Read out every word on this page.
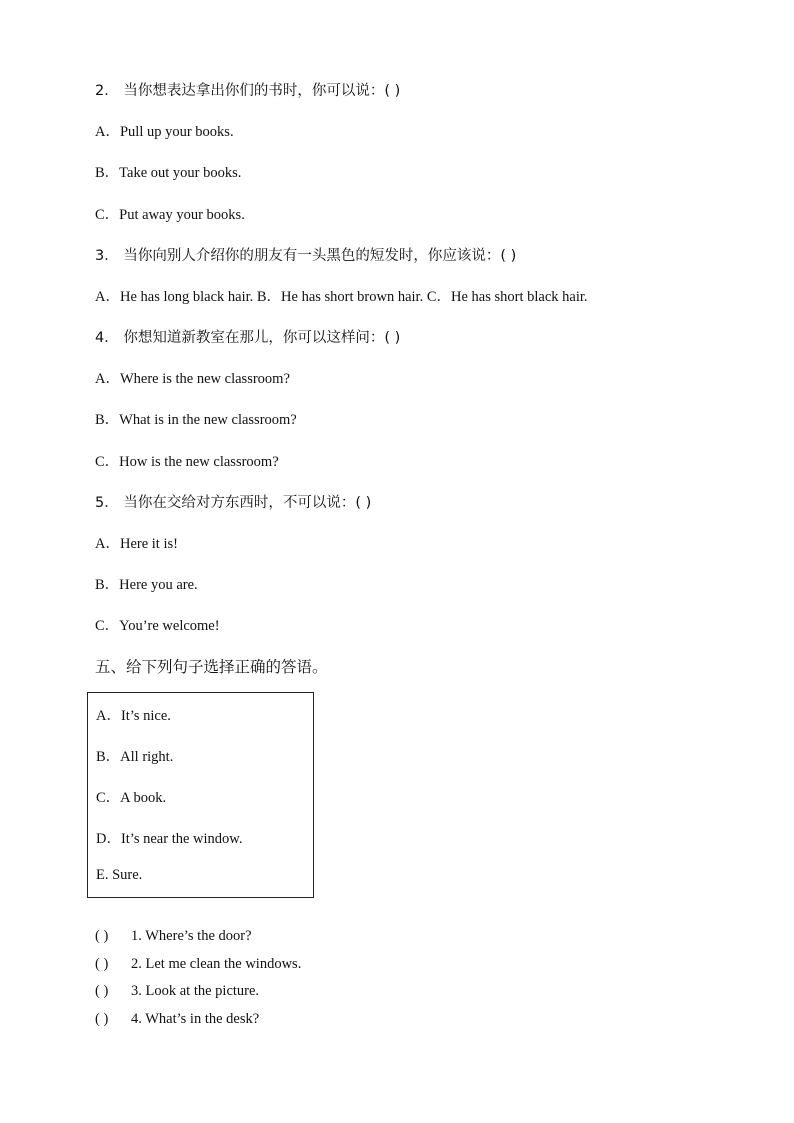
2． 当你想表达拿出你们的书时，你可以说：( )
A．Pull up your books.
B．Take out your books.
C．Put away your books.
3． 当你向别人介绍你的朋友有一头黑色的短发时，你应该说：( )
A．He has long black hair. B．He has short brown hair. C．He has short black hair.
4． 你想知道新教室在那儿，你可以这样问：( )
A．Where is the new classroom?
B．What is in the new classroom?
C．How is the new classroom?
5． 当你在交给对方东西时，不可以说：( )
A．Here it is!
B．Here you are.
C．You’re welcome!
五、给下列句子选择正确的答语。
A．It’s nice.
B．All right.
C．A book.
D．It’s near the window.
E. Sure.
( ) 1. Where’s the door?
( ) 2. Let me clean the windows.
( ) 3. Look at the picture.
( ) 4. What’s in the desk?
